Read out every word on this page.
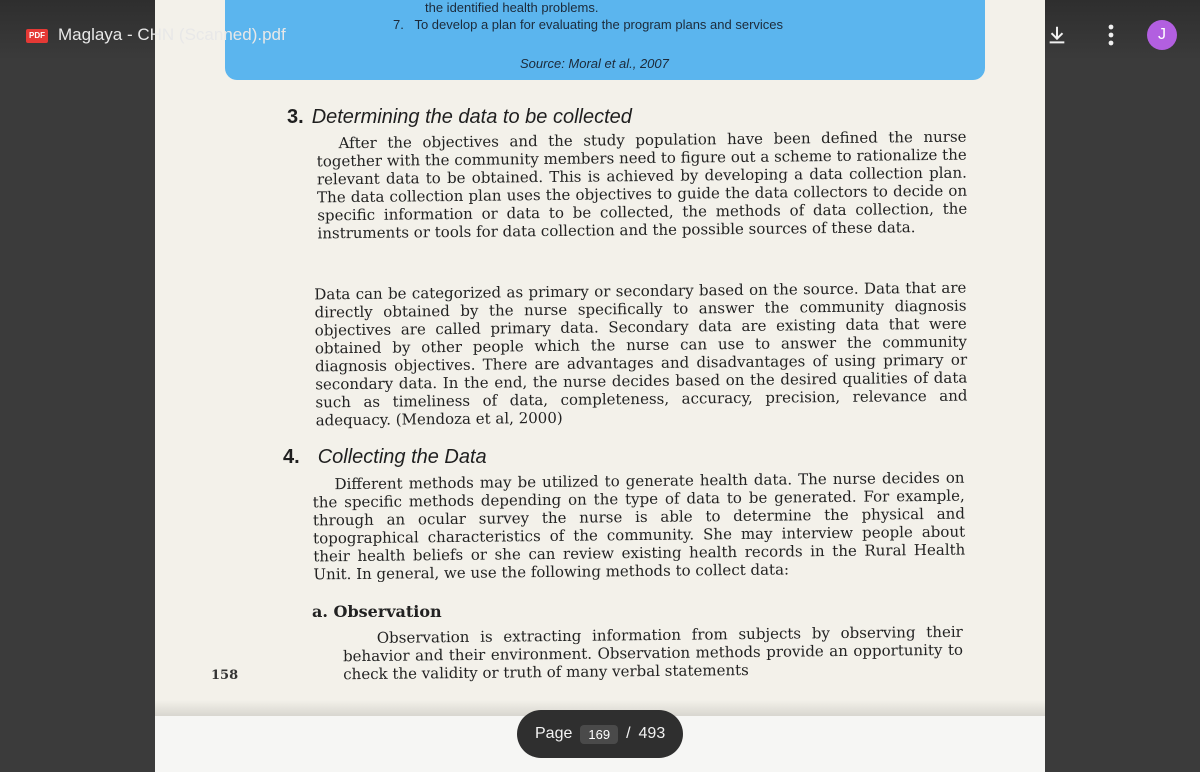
the identified health problems.
7. To develop a plan for evaluating the program plans and services
Source: Moral et al., 2007
3. Determining the data to be collected
After the objectives and the study population have been defined the nurse together with the community members need to figure out a scheme to rationalize the relevant data to be obtained. This is achieved by developing a data collection plan. The data collection plan uses the objectives to guide the data collectors to decide on specific information or data to be collected, the methods of data collection, the instruments or tools for data collection and the possible sources of these data.
Data can be categorized as primary or secondary based on the source. Data that are directly obtained by the nurse specifically to answer the community diagnosis objectives are called primary data. Secondary data are existing data that were obtained by other people which the nurse can use to answer the community diagnosis objectives. There are advantages and disadvantages of using primary or secondary data. In the end, the nurse decides based on the desired qualities of data such as timeliness of data, completeness, accuracy, precision, relevance and adequacy. (Mendoza et al, 2000)
4. Collecting the Data
Different methods may be utilized to generate health data. The nurse decides on the specific methods depending on the type of data to be generated. For example, through an ocular survey the nurse is able to determine the physical and topographical characteristics of the community. She may interview people about their health beliefs or she can review existing health records in the Rural Health Unit. In general, we use the following methods to collect data:
a. Observation
Observation is extracting information from subjects by observing their behavior and their environment. Observation methods provide an opportunity to check the validity or truth of many verbal statements
158
PDF Maglaya - CHN (Scanned).pdf	J
Page	169	/ 493
